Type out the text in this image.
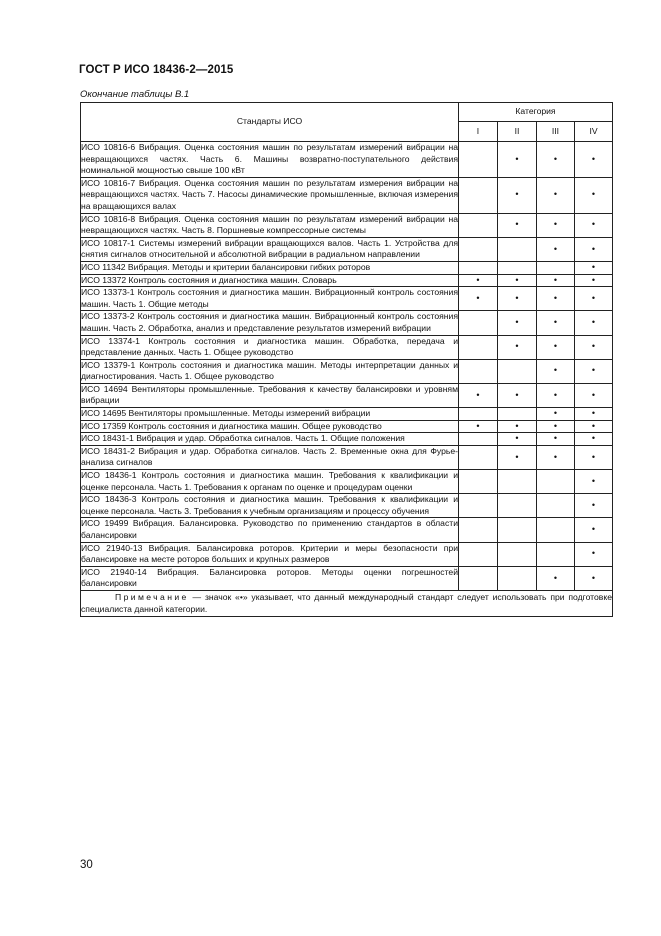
ГОСТ Р ИСО 18436-2—2015
Окончание таблицы В.1
Стандарты ИСО	Категория			
	I	II	III	IV
ИСО 10816-6 Вибрация. Оценка состояния машин по результатам измерений вибрации на невращающихся частях. Часть 6. Машины возвратно-поступательного действия номинальной мощностью свыше 100 кВт		•	•	•
ИСО 10816-7 Вибрация. Оценка состояния машин по результатам измерения вибрации на невращающихся частях. Часть 7. Насосы динамические промышленные, включая измерения на вращающихся валах		•	•	•
ИСО 10816-8 Вибрация. Оценка состояния машин по результатам измерений вибрации на невращающихся частях. Часть 8. Поршневые компрессорные системы		•	•	•
ИСО 10817-1 Системы измерений вибрации вращающихся валов. Часть 1. Устройства для снятия сигналов относительной и абсолютной вибрации в радиальном направлении			•	•
ИСО 11342 Вибрация. Методы и критерии балансировки гибких роторов				•
ИСО 13372 Контроль состояния и диагностика машин. Словарь	•	•	•	•
ИСО 13373-1 Контроль состояния и диагностика машин. Вибрационный контроль состояния машин. Часть 1. Общие методы	•	•	•	•
ИСО 13373-2 Контроль состояния и диагностика машин. Вибрационный контроль состояния машин. Часть 2. Обработка, анализ и представление результатов измерений вибрации		•	•	•
ИСО 13374-1 Контроль состояния и диагностика машин. Обработка, передача и представление данных. Часть 1. Общее руководство		•	•	•
ИСО 13379-1 Контроль состояния и диагностика машин. Методы интерпретации данных и диагностирования. Часть 1. Общее руководство			•	•
ИСО 14694 Вентиляторы промышленные. Требования к качеству балансировки и уровням вибрации	•	•	•	•
ИСО 14695 Вентиляторы промышленные. Методы измерений вибрации			•	•
ИСО 17359 Контроль состояния и диагностика машин. Общее руководство	•	•	•	•
ИСО 18431-1 Вибрация и удар. Обработка сигналов. Часть 1. Общие положения		•	•	•
ИСО 18431-2 Вибрация и удар. Обработка сигналов. Часть 2. Временные окна для Фурье-анализа сигналов		•	•	•
ИСО 18436-1 Контроль состояния и диагностика машин. Требования к квалификации и оценке персонала. Часть 1. Требования к органам по оценке и процедурам оценки				•
ИСО 18436-3 Контроль состояния и диагностика машин. Требования к квалификации и оценке персонала. Часть 3. Требования к учебным организациям и процессу обучения				•
ИСО 19499 Вибрация. Балансировка. Руководство по применению стандартов в области балансировки				•
ИСО 21940-13 Вибрация. Балансировка роторов. Критерии и меры безопасности при балансировке на месте роторов больших и крупных размеров				•
ИСО 21940-14 Вибрация. Балансировка роторов. Методы оценки погрешностей балансировки			•	•
Примечание — значок «•» указывает, что данный международный стандарт следует использовать при подготовке специалиста данной категории.				
30
